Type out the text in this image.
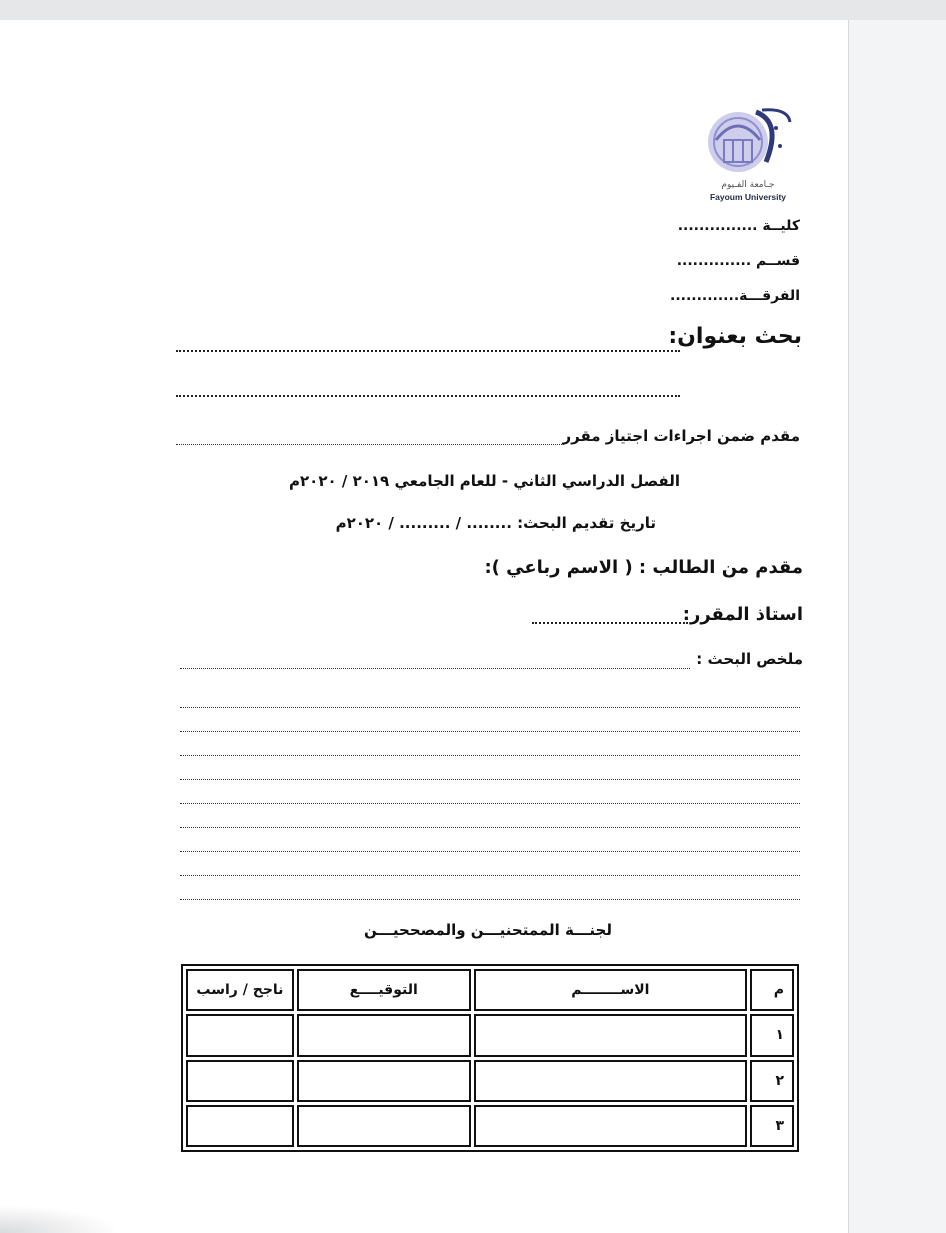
جـامعة الفـيوم
Fayoum University
كليــة ...............
قســم ..............
الفرقـــة.............
بحث بعنوان:
مقدم ضمن اجراءات اجتياز مقرر
الفصل الدراسي الثاني - للعام الجامعي ٢٠١٩ / ٢٠٢٠م
تاريخ تقديم البحث: ........ / ......... / ٢٠٢٠م
مقدم من الطالب : ( الاسم رباعي ):
استاذ المقرر:
ملخص البحث :
لجنـــة الممتحنيـــن والمصححيـــن
م	الاســــــــم	التوقيــــع	ناجح / راسب
١			
٢			
٣			
